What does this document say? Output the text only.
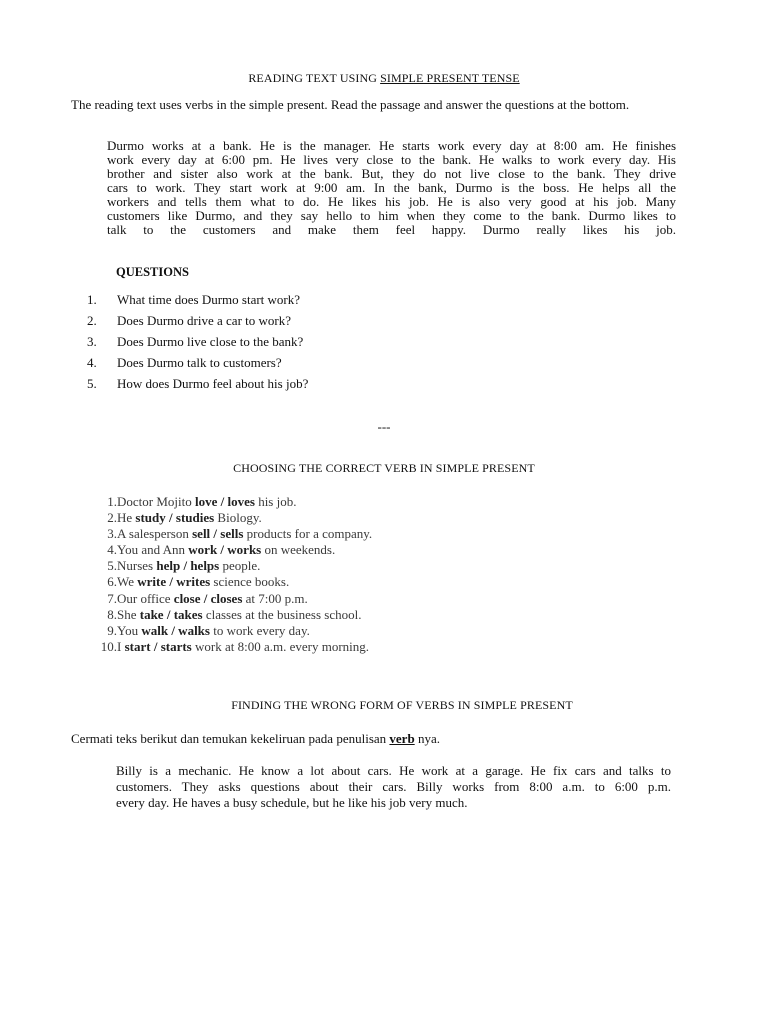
READING TEXT USING SIMPLE PRESENT TENSE

The reading text uses verbs in the simple present. Read the passage and answer the questions at the bottom.

Durmo works at a bank. He is the manager. He starts work every day at 8:00 am. He finishes
work every day at 6:00 pm. He lives very close to the bank. He walks to work every day. His
brother and sister also work at the bank. But, they do not live close to the bank. They drive
cars to work. They start work at 9:00 am. In the bank, Durmo is the boss. He helps all the
workers and tells them what to do. He likes his job. He is also very good at his job. Many
customers like Durmo, and they say hello to him when they come to the bank. Durmo likes to
talk to the customers and make them feel happy. Durmo really likes his job.

QUESTIONS

1.	What time does Durmo start work?
2.	Does Durmo drive a car to work?
3.	Does Durmo live close to the bank?
4.	Does Durmo talk to customers?
5.	How does Durmo feel about his job?

---

CHOOSING THE CORRECT VERB IN SIMPLE PRESENT

1. Doctor Mojito love / loves his job.
2. He study / studies Biology.
3. A salesperson sell / sells products for a company.
4. You and Ann work / works on weekends.
5. Nurses help / helps people.
6. We write / writes science books.
7. Our office close / closes at 7:00 p.m.
8. She take / takes classes at the business school.
9. You walk / walks to work every day.
10. I start / starts work at 8:00 a.m. every morning.

FINDING THE WRONG FORM OF VERBS IN SIMPLE PRESENT

Cermati teks berikut dan temukan kekeliruan pada penulisan verb nya.

Billy is a mechanic. He know a lot about cars. He work at a garage. He fix cars and talks to
customers. They asks questions about their cars. Billy works from 8:00 a.m. to 6:00 p.m.
every day. He haves a busy schedule, but he like his job very much.
